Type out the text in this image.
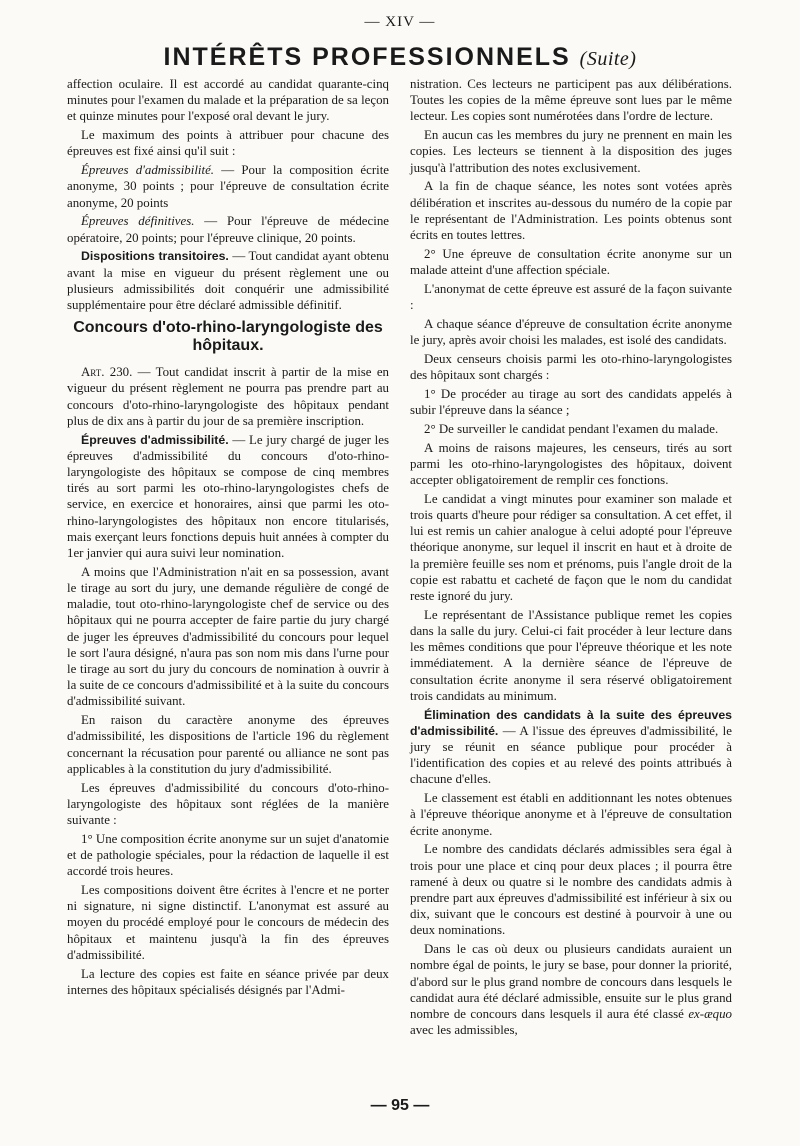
— XIV —
INTÉRÊTS PROFESSIONNELS (Suite)

affection oculaire. Il est accordé au candidat quarante-cinq minutes pour l'examen du malade et la préparation de sa leçon et quinze minutes pour l'exposé oral devant le jury.

Le maximum des points à attribuer pour chacune des épreuves est fixé ainsi qu'il suit :

Épreuves d'admissibilité. — Pour la composition écrite anonyme, 30 points ; pour l'épreuve de consultation écrite anonyme, 20 points

Épreuves définitives. — Pour l'épreuve de médecine opératoire, 20 points; pour l'épreuve clinique, 20 points.

Dispositions transitoires. — Tout candidat ayant obtenu avant la mise en vigueur du présent règlement une ou plusieurs admissibilités doit conquérir une admissibilité supplémentaire pour être déclaré admissible définitif.

Concours d'oto-rhino-laryngologiste des hôpitaux.

Art. 230. — Tout candidat inscrit à partir de la mise en vigueur du présent règlement ne pourra pas prendre part au concours d'oto-rhino-laryngologiste des hôpitaux pendant plus de dix ans à partir du jour de sa première inscription.

Épreuves d'admissibilité. — Le jury chargé de juger les épreuves d'admissibilité du concours d'oto-rhino-laryngologiste des hôpitaux se compose de cinq membres tirés au sort parmi les oto-rhino-laryngologistes chefs de service, en exercice et honoraires, ainsi que parmi les oto-rhino-laryngologistes des hôpitaux non encore titularisés, mais exerçant leurs fonctions depuis huit années à compter du 1er janvier qui aura suivi leur nomination.

A moins que l'Administration n'ait en sa possession, avant le tirage au sort du jury, une demande régulière de congé de maladie, tout oto-rhino-laryngologiste chef de service ou des hôpitaux qui ne pourra accepter de faire partie du jury chargé de juger les épreuves d'admissibilité du concours pour lequel le sort l'aura désigné, n'aura pas son nom mis dans l'urne pour le tirage au sort du jury du concours de nomination à ouvrir à la suite de ce concours d'admissibilité et à la suite du concours d'admissibilité suivant.

En raison du caractère anonyme des épreuves d'admissibilité, les dispositions de l'article 196 du règlement concernant la récusation pour parenté ou alliance ne sont pas applicables à la constitution du jury d'admissibilité.

Les épreuves d'admissibilité du concours d'oto-rhino-laryngologiste des hôpitaux sont réglées de la manière suivante :

1° Une composition écrite anonyme sur un sujet d'anatomie et de pathologie spéciales, pour la rédaction de laquelle il est accordé trois heures.

Les compositions doivent être écrites à l'encre et ne porter ni signature, ni signe distinctif. L'anonymat est assuré au moyen du procédé employé pour le concours de médecin des hôpitaux et maintenu jusqu'à la fin des épreuves d'admissibilité.

La lecture des copies est faite en séance privée par deux internes des hôpitaux spécialisés désignés par l'Admi-

nistration. Ces lecteurs ne participent pas aux délibérations. Toutes les copies de la même épreuve sont lues par le même lecteur. Les copies sont numérotées dans l'ordre de lecture.

En aucun cas les membres du jury ne prennent en main les copies. Les lecteurs se tiennent à la disposition des juges jusqu'à l'attribution des notes exclusivement.

A la fin de chaque séance, les notes sont votées après délibération et inscrites au-dessous du numéro de la copie par le représentant de l'Administration. Les points obtenus sont écrits en toutes lettres.

2° Une épreuve de consultation écrite anonyme sur un malade atteint d'une affection spéciale.

L'anonymat de cette épreuve est assuré de la façon suivante :

A chaque séance d'épreuve de consultation écrite anonyme le jury, après avoir choisi les malades, est isolé des candidats.

Deux censeurs choisis parmi les oto-rhino-laryngologistes des hôpitaux sont chargés :

1° De procéder au tirage au sort des candidats appelés à subir l'épreuve dans la séance ;

2° De surveiller le candidat pendant l'examen du malade.

A moins de raisons majeures, les censeurs, tirés au sort parmi les oto-rhino-laryngologistes des hôpitaux, doivent accepter obligatoirement de remplir ces fonctions.

Le candidat a vingt minutes pour examiner son malade et trois quarts d'heure pour rédiger sa consultation. A cet effet, il lui est remis un cahier analogue à celui adopté pour l'épreuve théorique anonyme, sur lequel il inscrit en haut et à droite de la première feuille ses nom et prénoms, puis l'angle droit de la copie est rabattu et cacheté de façon que le nom du candidat reste ignoré du jury.

Le représentant de l'Assistance publique remet les copies dans la salle du jury. Celui-ci fait procéder à leur lecture dans les mêmes conditions que pour l'épreuve théorique et les note immédiatement. A la dernière séance de l'épreuve de consultation écrite anonyme il sera réservé obligatoirement trois candidats au minimum.

Élimination des candidats à la suite des épreuves d'admissibilité. — A l'issue des épreuves d'admissibilité, le jury se réunit en séance publique pour procéder à l'identification des copies et au relevé des points attribués à chacune d'elles.

Le classement est établi en additionnant les notes obtenues à l'épreuve théorique anonyme et à l'épreuve de consultation écrite anonyme.

Le nombre des candidats déclarés admissibles sera égal à trois pour une place et cinq pour deux places ; il pourra être ramené à deux ou quatre si le nombre des candidats admis à prendre part aux épreuves d'admissibilité est inférieur à six ou dix, suivant que le concours est destiné à pourvoir à une ou deux nominations.

Dans le cas où deux ou plusieurs candidats auraient un nombre égal de points, le jury se base, pour donner la priorité, d'abord sur le plus grand nombre de concours dans lesquels le candidat aura été déclaré admissible, ensuite sur le plus grand nombre de concours dans lesquels il aura été classé ex-æquo avec les admissibles,

— 95 —
